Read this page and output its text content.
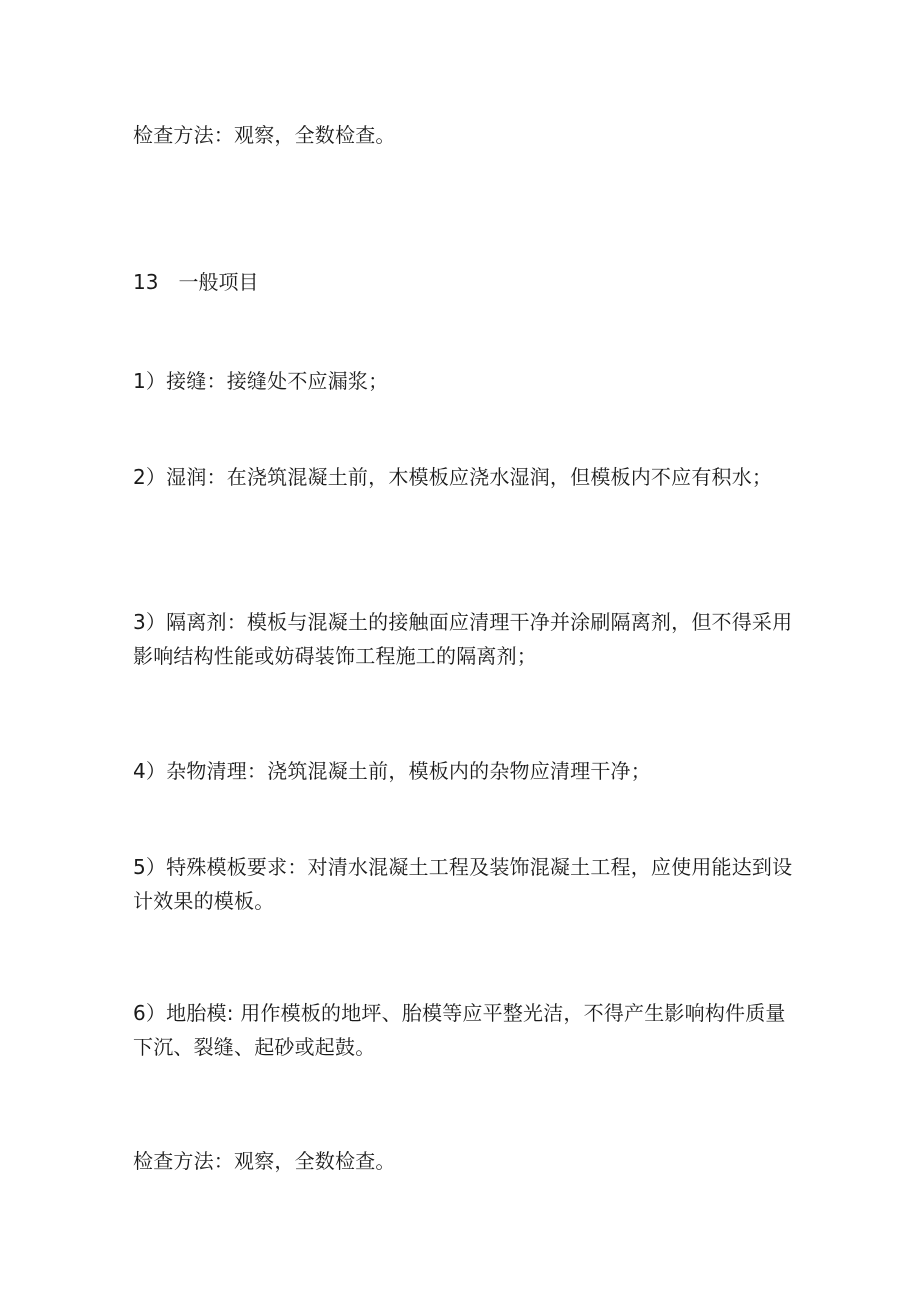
检查方法：观察，全数检查。

13 一般项目

1）接缝：接缝处不应漏浆；

2）湿润：在浇筑混凝土前，木模板应浇水湿润，但模板内不应有积水；

3）隔离剂：模板与混凝土的接触面应清理干净并涂刷隔离剂，但不得采用影响结构性能或妨碍装饰工程施工的隔离剂；

4）杂物清理：浇筑混凝土前，模板内的杂物应清理干净；

5）特殊模板要求：对清水混凝土工程及装饰混凝土工程，应使用能达到设计效果的模板。

6）地胎模: 用作模板的地坪、胎模等应平整光洁，不得产生影响构件质量下沉、裂缝、起砂或起鼓。

检查方法：观察，全数检查。
